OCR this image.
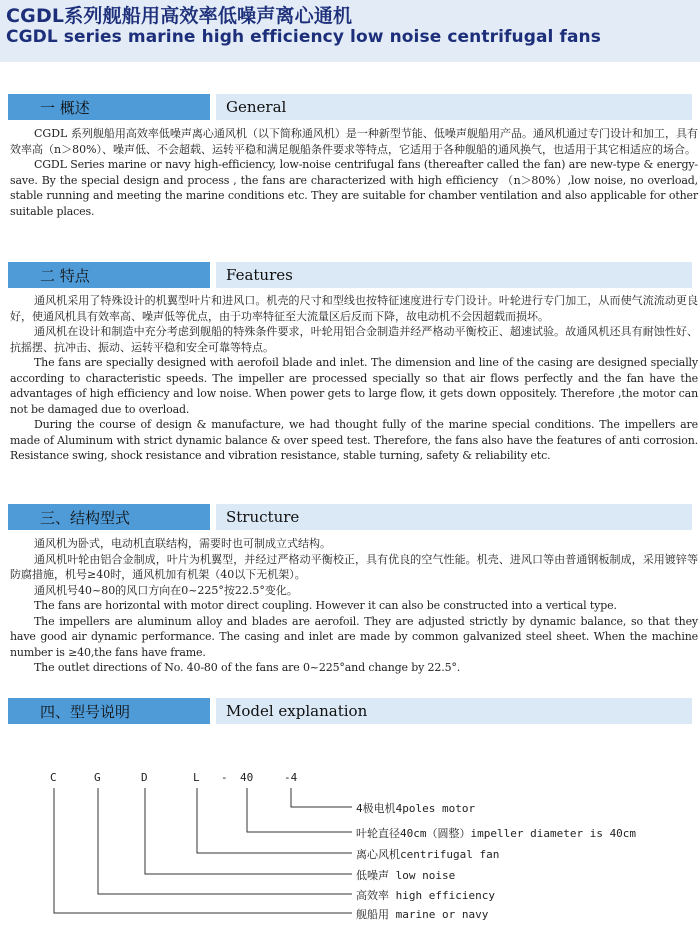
CGDL系列舰船用高效率低噪声离心通机
CGDL series marine high efficiency low noise centrifugal fans
一 概述	General

CGDL 系列舰船用高效率低噪声离心通风机（以下简称通风机）是一种新型节能、低噪声舰船用产品。通风机通过专门设计和加工，具有效率高（n＞80%）、噪声低、不会超载、运转平稳和满足舰船条件要求等特点，它适用于各种舰船的通风换气，也适用于其它相适应的场合。

CGDL Series marine or navy high-efficiency, low-noise centrifugal fans (thereafter called the fan) are new-type & energy-save. By the special design and process , the fans are characterized with high efficiency （n＞80%）,low noise, no overload, stable running and meeting the marine conditions etc. They are suitable for chamber ventilation and also applicable for other suitable places.

二 特点	Features

通风机采用了特殊设计的机翼型叶片和进风口。机壳的尺寸和型线也按特征速度进行专门设计。叶轮进行专门加工，从而使气流流动更良好，使通风机具有效率高、噪声低等优点，由于功率特征至大流量区后反而下降，故电动机不会因超载而损坏。

通风机在设计和制造中充分考虑到舰船的特殊条件要求，叶轮用铝合金制造并经严格动平衡校正、超速试验。故通风机还具有耐蚀性好、抗摇摆、抗冲击、振动、运转平稳和安全可靠等特点。

The fans are specially designed with aerofoil blade and inlet. The dimension and line of the casing are designed specially according to characteristic speeds. The impeller are processed specially so that air flows perfectly and the fan have the advantages of high efficiency and low noise. When power gets to large flow, it gets down oppositely. Therefore ,the motor can not be damaged due to overload.

During the course of design & manufacture, we had thought fully of the marine special conditions. The impellers are made of Aluminum with strict dynamic balance & over speed test. Therefore, the fans also have the features of anti corrosion. Resistance swing, shock resistance and vibration resistance, stable turning, safety & reliability etc.

三、结构型式	Structure

通风机为卧式，电动机直联结构，需要时也可制成立式结构。

通风机叶轮由铝合金制成，叶片为机翼型，并经过严格动平衡校正，具有优良的空气性能。机壳、进风口等由普通钢板制成，采用镀锌等防腐措施，机号≥40时，通风机加有机架（40以下无机架）。

通风机号40~80的风口方向在0~225°按22.5°变化。

The fans are horizontal with motor direct coupling. However it can also be constructed into a vertical type.

The impellers are aluminum alloy and blades are aerofoil. They are adjusted strictly by dynamic balance, so that they have good air dynamic performance. The casing and inlet are made by common galvanized steel sheet. When the machine number is ≥40,the fans have frame.

The outlet directions of No. 40-80 of the fans are 0~225°and change by 22.5°.

四、型号说明	Model explanation
C	G	D	L - 40	-4
4极电机4poles motor
叶轮直径40cm（圆整）impeller diameter is 40cm
离心风机centrifugal fan
低噪声 low noise
高效率 high efficiency
舰船用 marine or navy
